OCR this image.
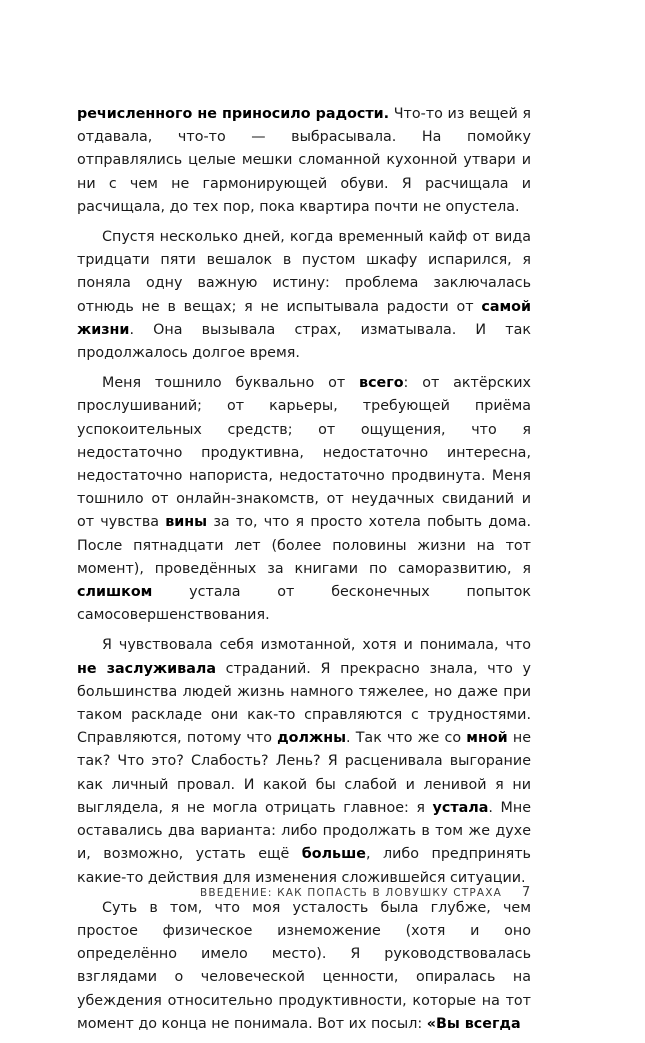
речисленного не приносило радости. Что-то из вещей я отдавала, что-то — выбрасывала. На помойку отправлялись целые мешки сломанной кухонной утвари и ни с чем не гармонирующей обуви. Я расчищала и расчищала, до тех пор, пока квартира почти не опустела.

Спустя несколько дней, когда временный кайф от вида тридцати пяти вешалок в пустом шкафу испарился, я поняла одну важную истину: проблема заключалась отнюдь не в вещах; я не испытывала радости от самой жизни. Она вызывала страх, изматывала. И так продолжалось долгое время.

Меня тошнило буквально от всего: от актёрских прослушиваний; от карьеры, требующей приёма успокоительных средств; от ощущения, что я недостаточно продуктивна, недостаточно интересна, недостаточно напориста, недостаточно продвинута. Меня тошнило от онлайн-знакомств, от неудачных свиданий и от чувства вины за то, что я просто хотела побыть дома. После пятнадцати лет (более половины жизни на тот момент), проведённых за книгами по саморазвитию, я слишком устала от бесконечных попыток самосовершенствования.

Я чувствовала себя измотанной, хотя и понимала, что не заслуживала страданий. Я прекрасно знала, что у большинства людей жизнь намного тяжелее, но даже при таком раскладе они как-то справляются с трудностями. Справляются, потому что должны. Так что же со мной не так? Что это? Слабость? Лень? Я расценивала выгорание как личный провал. И какой бы слабой и ленивой я ни выглядела, я не могла отрицать главное: я устала. Мне оставались два варианта: либо продолжать в том же духе и, возможно, устать ещё больше, либо предпринять какие-то действия для изменения сложившейся ситуации.

Суть в том, что моя усталость была глубже, чем простое физическое изнеможение (хотя и оно определённо имело место). Я руководствовалась взглядами о человеческой ценности, опиралась на убеждения относительно продуктивности, которые на тот момент до конца не понимала. Вот их посыл: «Вы всегда

ВВЕДЕНИЕ: КАК ПОПАСТЬ В ЛОВУШКУ СТРАХА 7
